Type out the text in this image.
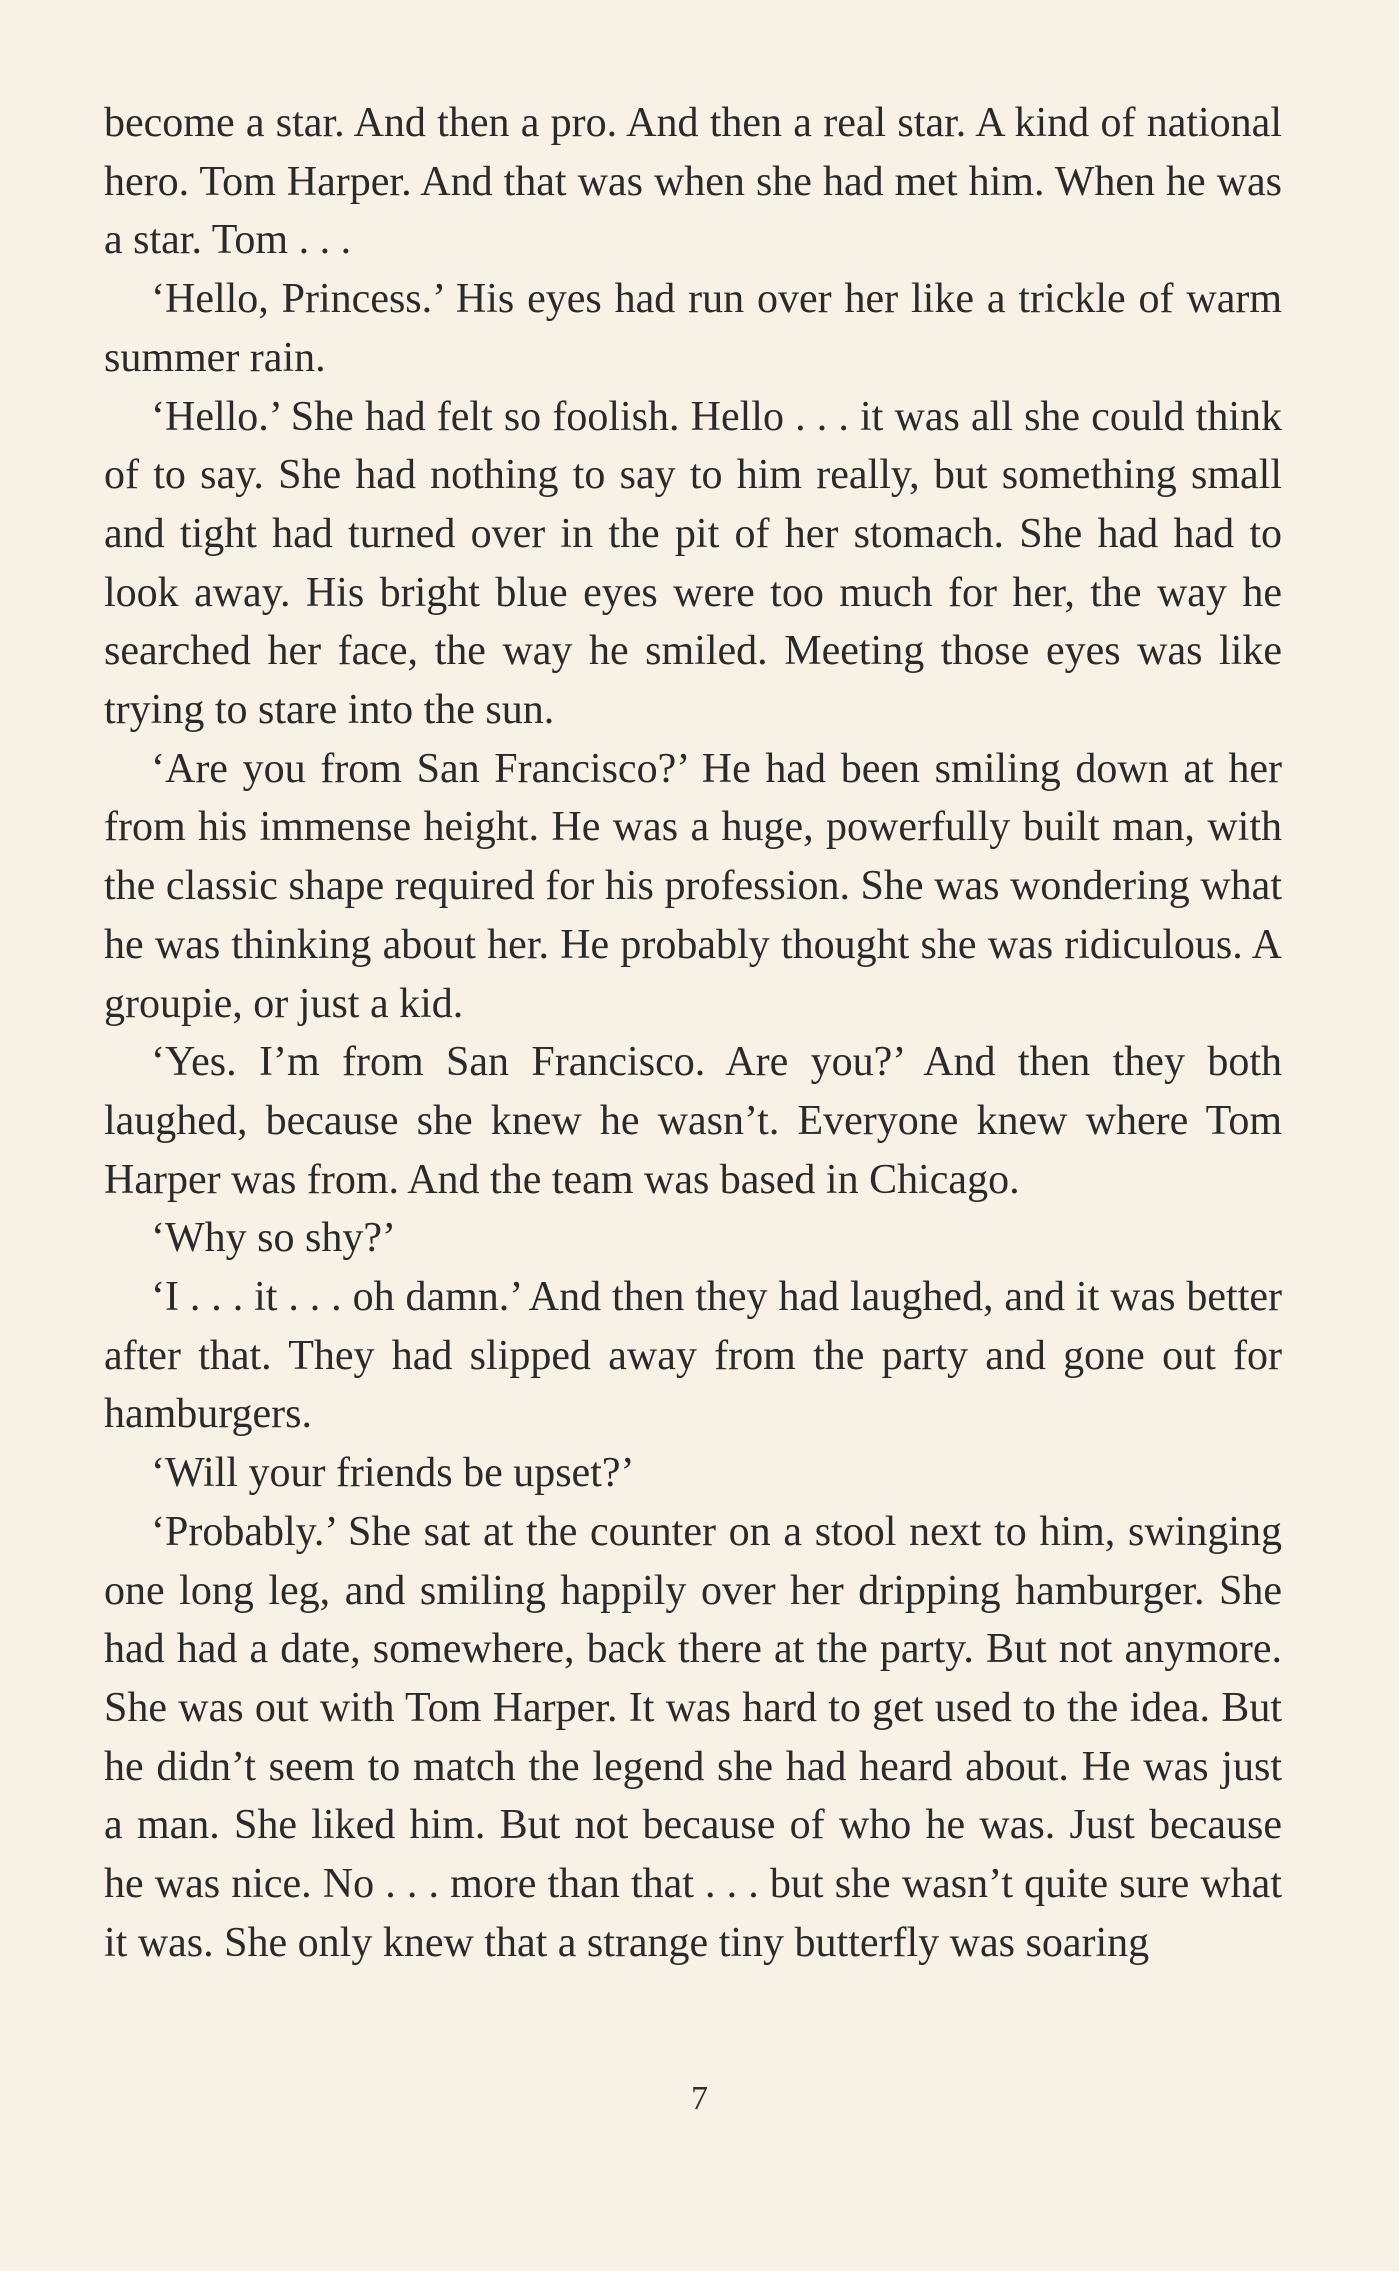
become a star. And then a pro. And then a real star. A kind of national hero. Tom Harper. And that was when she had met him. When he was a star. Tom . . .

‘Hello, Princess.’ His eyes had run over her like a trickle of warm summer rain.

‘Hello.’ She had felt so foolish. Hello . . . it was all she could think of to say. She had nothing to say to him really, but something small and tight had turned over in the pit of her stomach. She had had to look away. His bright blue eyes were too much for her, the way he searched her face, the way he smiled. Meeting those eyes was like trying to stare into the sun.

‘Are you from San Francisco?’ He had been smiling down at her from his immense height. He was a huge, powerfully built man, with the classic shape required for his profession. She was wondering what he was thinking about her. He probably thought she was ridiculous. A groupie, or just a kid.

‘Yes. I’m from San Francisco. Are you?’ And then they both laughed, because she knew he wasn’t. Everyone knew where Tom Harper was from. And the team was based in Chicago.

‘Why so shy?’

‘I . . . it . . . oh damn.’ And then they had laughed, and it was better after that. They had slipped away from the party and gone out for hamburgers.

‘Will your friends be upset?’

‘Probably.’ She sat at the counter on a stool next to him, swinging one long leg, and smiling happily over her dripping hamburger. She had had a date, somewhere, back there at the party. But not anymore. She was out with Tom Harper. It was hard to get used to the idea. But he didn’t seem to match the legend she had heard about. He was just a man. She liked him. But not because of who he was. Just because he was nice. No . . . more than that . . . but she wasn’t quite sure what it was. She only knew that a strange tiny butterfly was soaring

7
